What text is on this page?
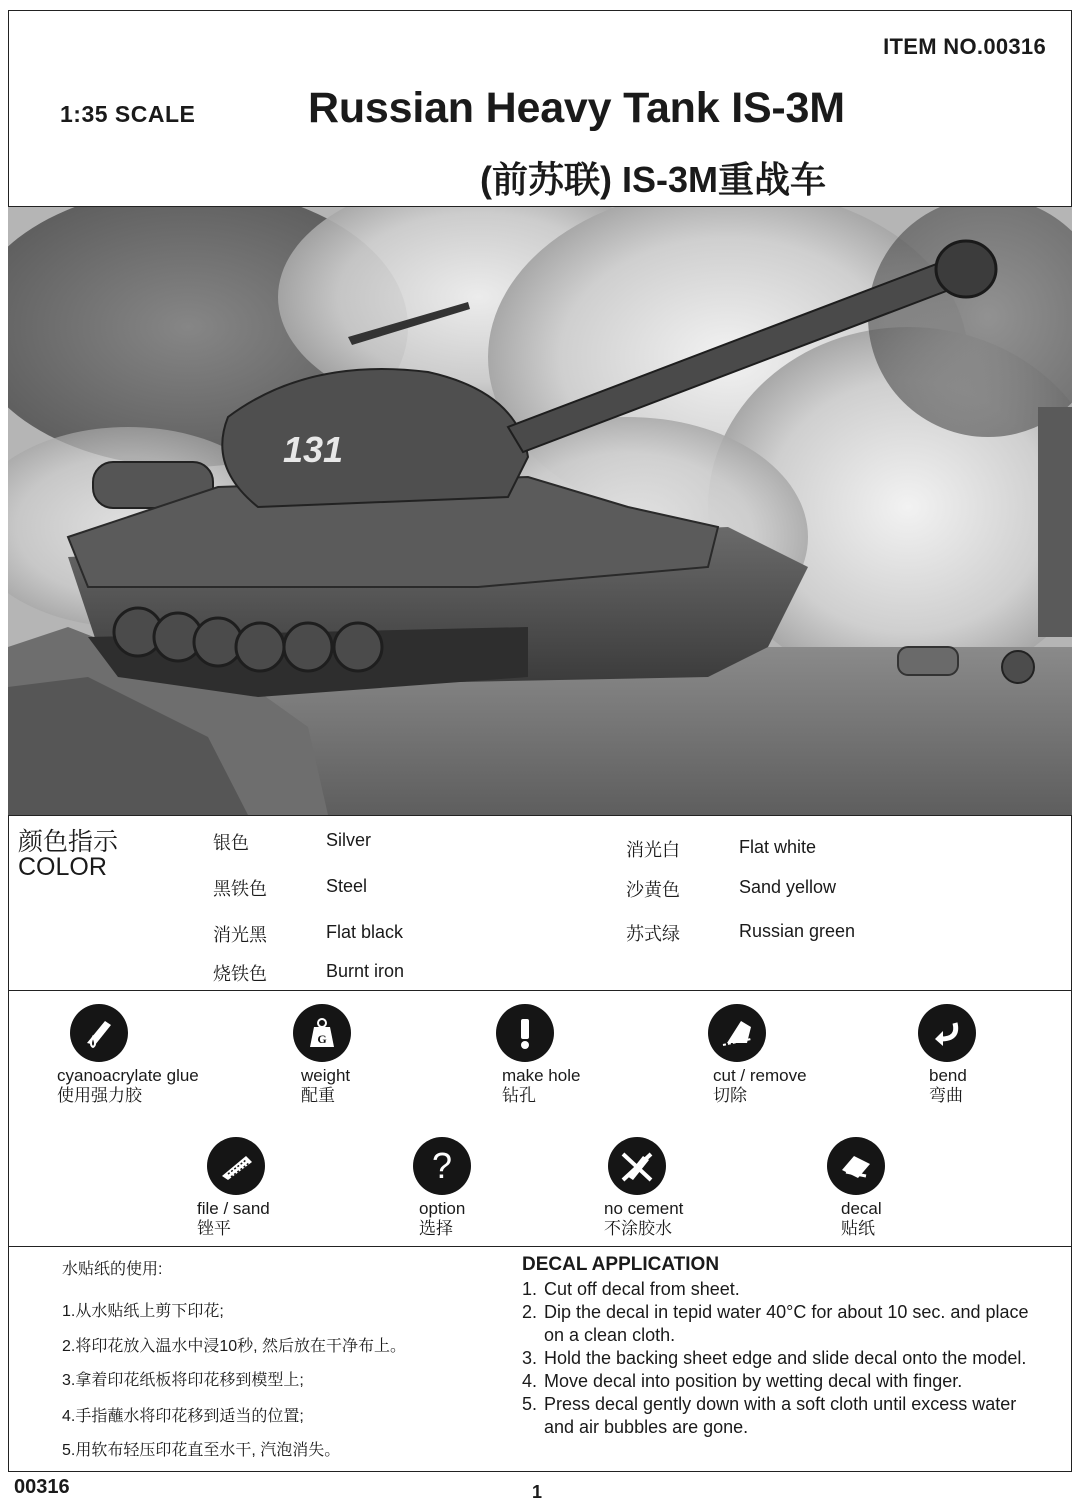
ITEM NO.00316
1:35 SCALE	Russian Heavy Tank IS-3M
(前苏联) IS-3M重战车
131
颜色指示
COLOR
银色	Silver
黑铁色	Steel
消光黑	Flat black
烧铁色	Burnt iron
消光白	Flat white
沙黄色	Sand yellow
苏式绿	Russian green
cyanoacrylate glue
使用强力胶
G
weight
配重
make hole
钻孔
cut / remove
切除
bend
弯曲
file / sand
锉平
?
option
选择
no cement
不涂胶水
decal
贴纸
水贴纸的使用:
1.从水贴纸上剪下印花;
2.将印花放入温水中浸10秒, 然后放在干净布上。
3.拿着印花纸板将印花移到模型上;
4.手指蘸水将印花移到适当的位置;
5.用软布轻压印花直至水干, 汽泡消失。
DECAL APPLICATION
1. Cut off decal from sheet.
2. Dip the decal in tepid water 40°C for about 10 sec. and place on a clean cloth.
3. Hold the backing sheet edge and slide decal onto the model.
4. Move decal into position by wetting decal with finger.
5. Press decal gently down with a soft cloth until excess water and air bubbles are gone.
00316	1
